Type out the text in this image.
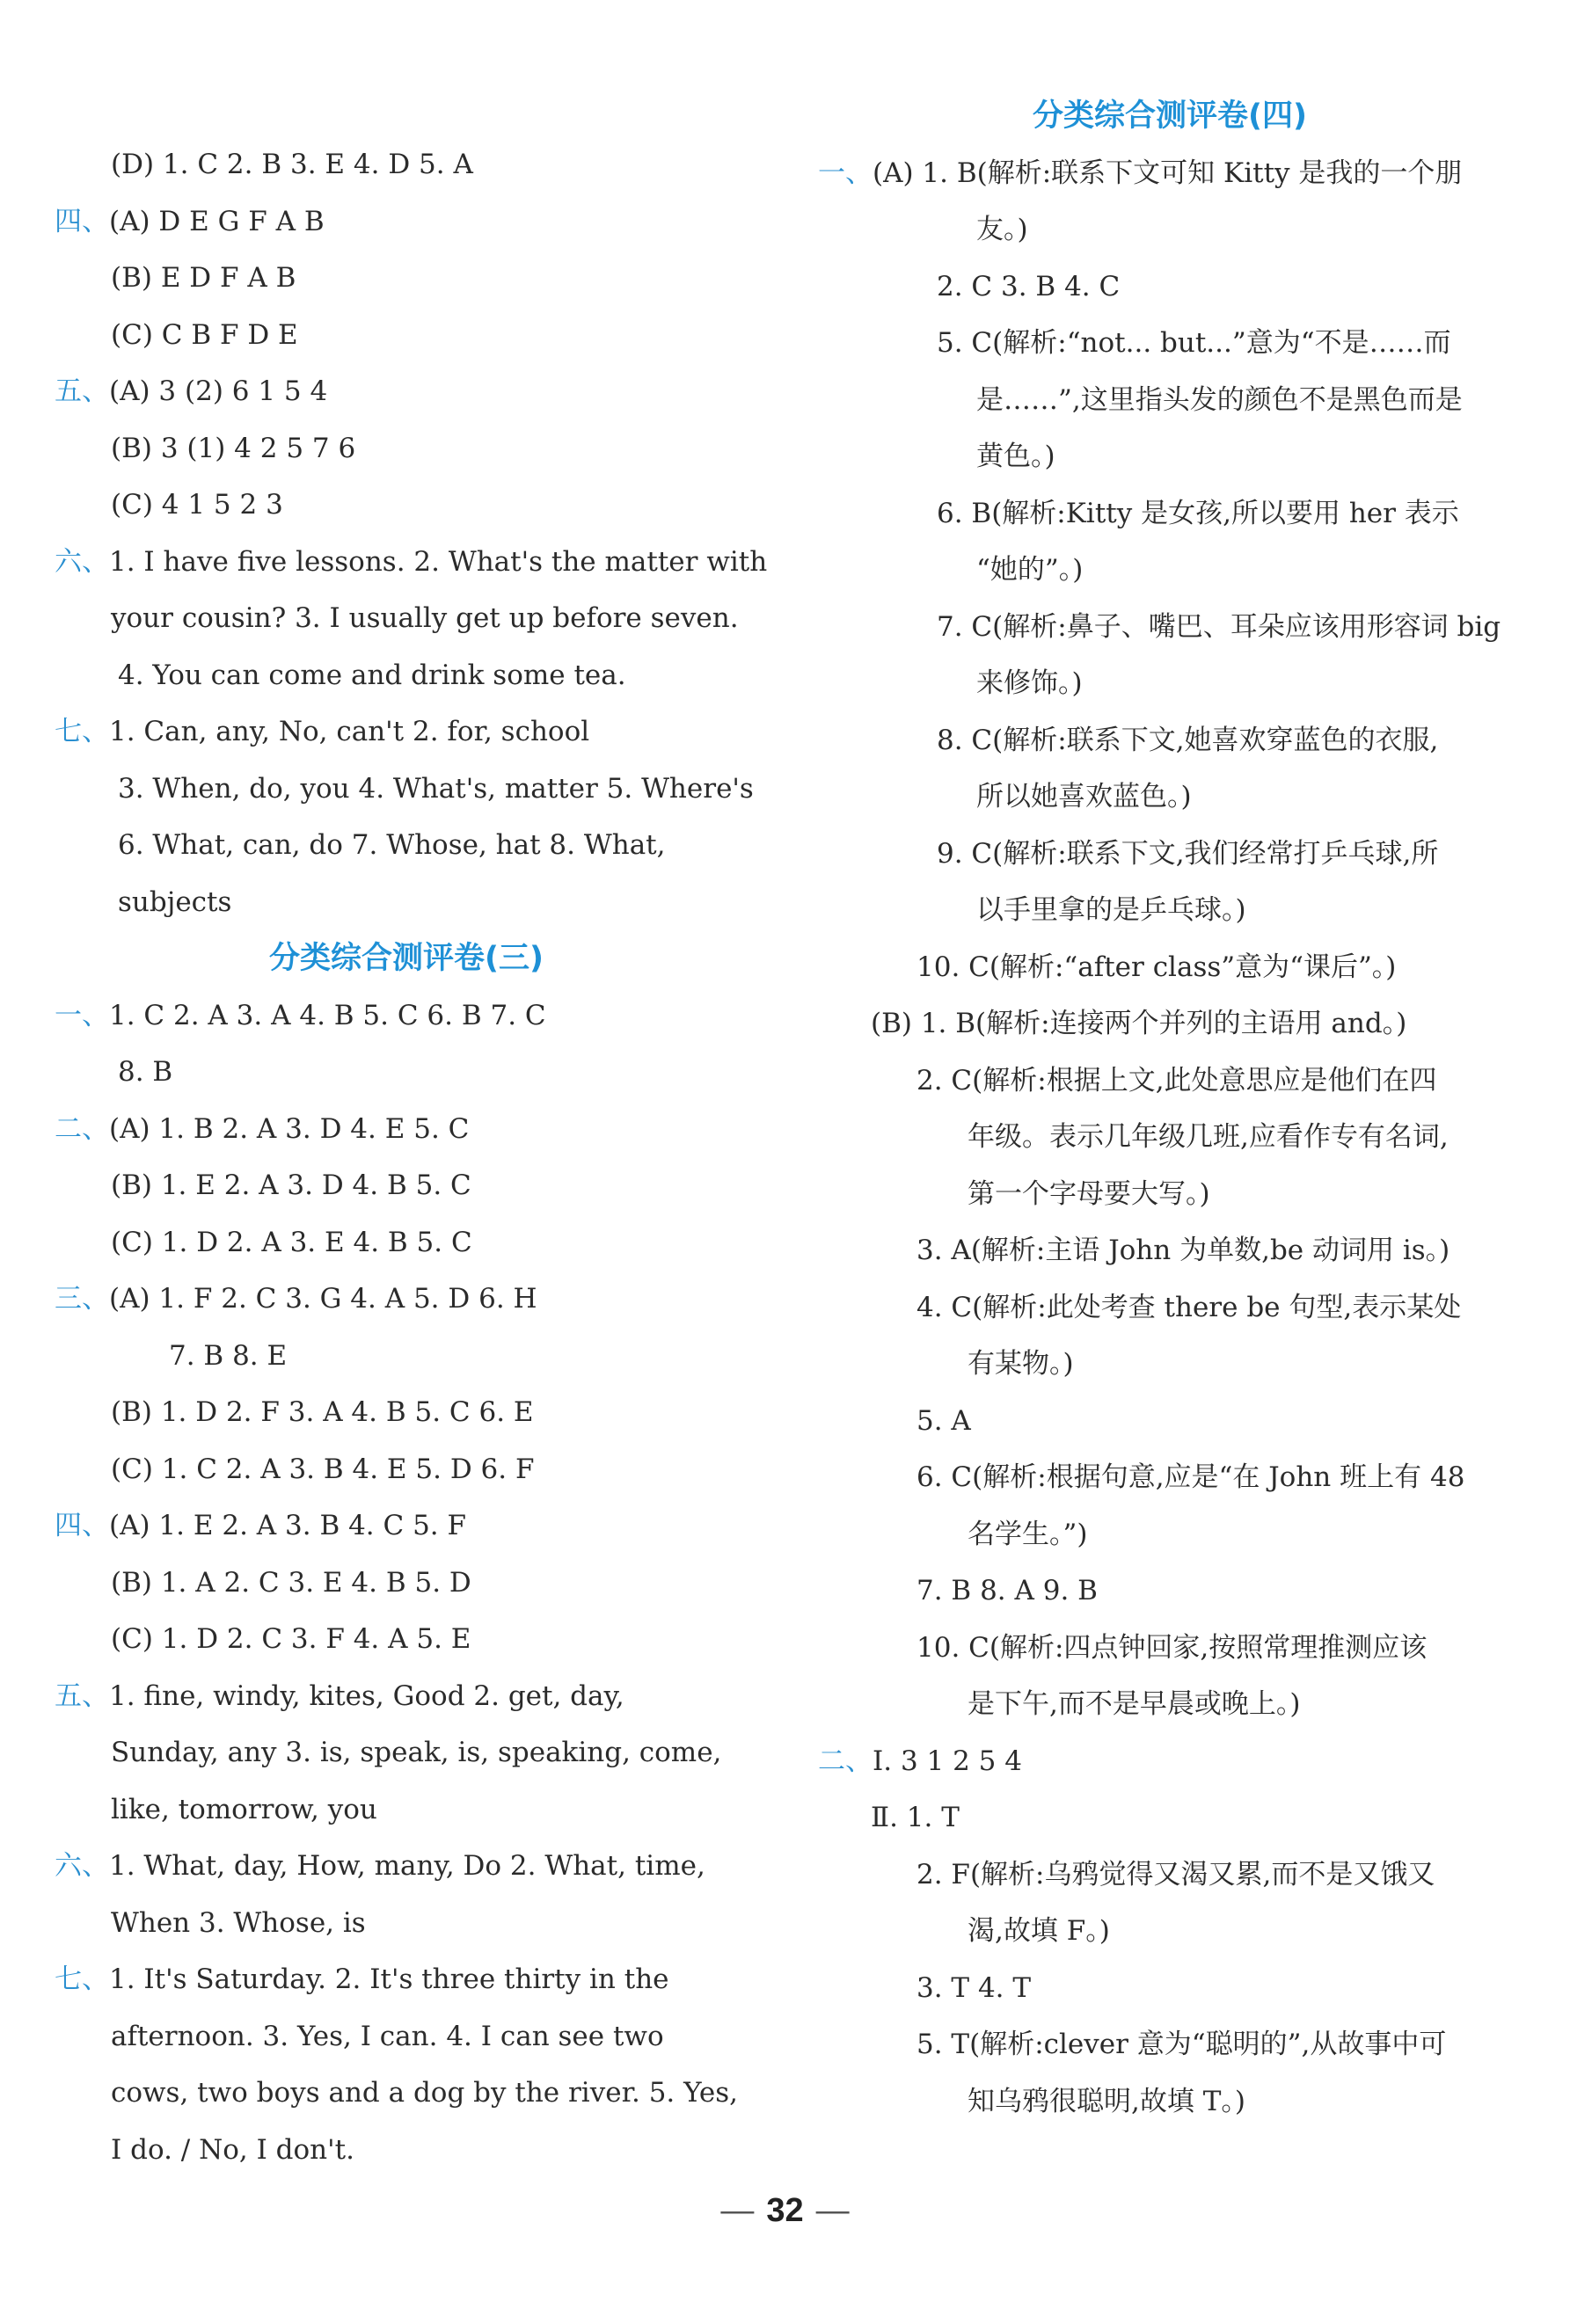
(D) 1. C 2. B 3. E 4. D 5. A
四、(A) D E G F A B
(B) E D F A B
(C) C B F D E
五、(A) 3 (2) 6 1 5 4
(B) 3 (1) 4 2 5 7 6
(C) 4 1 5 2 3
六、1. I have five lessons. 2. What's the matter with
your cousin? 3. I usually get up before seven.
4. You can come and drink some tea.
七、1. Can, any, No, can't 2. for, school
3. When, do, you 4. What's, matter 5. Where's
6. What, can, do 7. Whose, hat 8. What,
subjects
分类综合测评卷(三)
一、1. C 2. A 3. A 4. B 5. C 6. B 7. C
8. B
二、(A) 1. B 2. A 3. D 4. E 5. C
(B) 1. E 2. A 3. D 4. B 5. C
(C) 1. D 2. A 3. E 4. B 5. C
三、(A) 1. F 2. C 3. G 4. A 5. D 6. H
7. B 8. E
(B) 1. D 2. F 3. A 4. B 5. C 6. E
(C) 1. C 2. A 3. B 4. E 5. D 6. F
四、(A) 1. E 2. A 3. B 4. C 5. F
(B) 1. A 2. C 3. E 4. B 5. D
(C) 1. D 2. C 3. F 4. A 5. E
五、1. fine, windy, kites, Good 2. get, day,
Sunday, any 3. is, speak, is, speaking, come,
like, tomorrow, you
六、1. What, day, How, many, Do 2. What, time,
When 3. Whose, is
七、1. It's Saturday. 2. It's three thirty in the
afternoon. 3. Yes, I can. 4. I can see two
cows, two boys and a dog by the river. 5. Yes,
I do. / No, I don't.
分类综合测评卷(四)
一、(A) 1. B(解析:联系下文可知 Kitty 是我的一个朋
友。)
2. C 3. B 4. C
5. C(解析:“not... but...”意为“不是……而
是……”,这里指头发的颜色不是黑色而是
黄色。)
6. B(解析:Kitty 是女孩,所以要用 her 表示
“她的”。)
7. C(解析:鼻子、嘴巴、耳朵应该用形容词 big
来修饰。)
8. C(解析:联系下文,她喜欢穿蓝色的衣服,
所以她喜欢蓝色。)
9. C(解析:联系下文,我们经常打乒乓球,所
以手里拿的是乒乓球。)
10. C(解析:“after class”意为“课后”。)
(B) 1. B(解析:连接两个并列的主语用 and。)
2. C(解析:根据上文,此处意思应是他们在四
年级。表示几年级几班,应看作专有名词,
第一个字母要大写。)
3. A(解析:主语 John 为单数,be 动词用 is。)
4. C(解析:此处考查 there be 句型,表示某处
有某物。)
5. A
6. C(解析:根据句意,应是“在 John 班上有 48
名学生。”)
7. B 8. A 9. B
10. C(解析:四点钟回家,按照常理推测应该
是下午,而不是早晨或晚上。)
二、Ⅰ. 3 1 2 5 4
Ⅱ. 1. T
2. F(解析:乌鸦觉得又渴又累,而不是又饿又
渴,故填 F。)
3. T 4. T
5. T(解析:clever 意为“聪明的”,从故事中可
知乌鸦很聪明,故填 T。)
— 32 —
